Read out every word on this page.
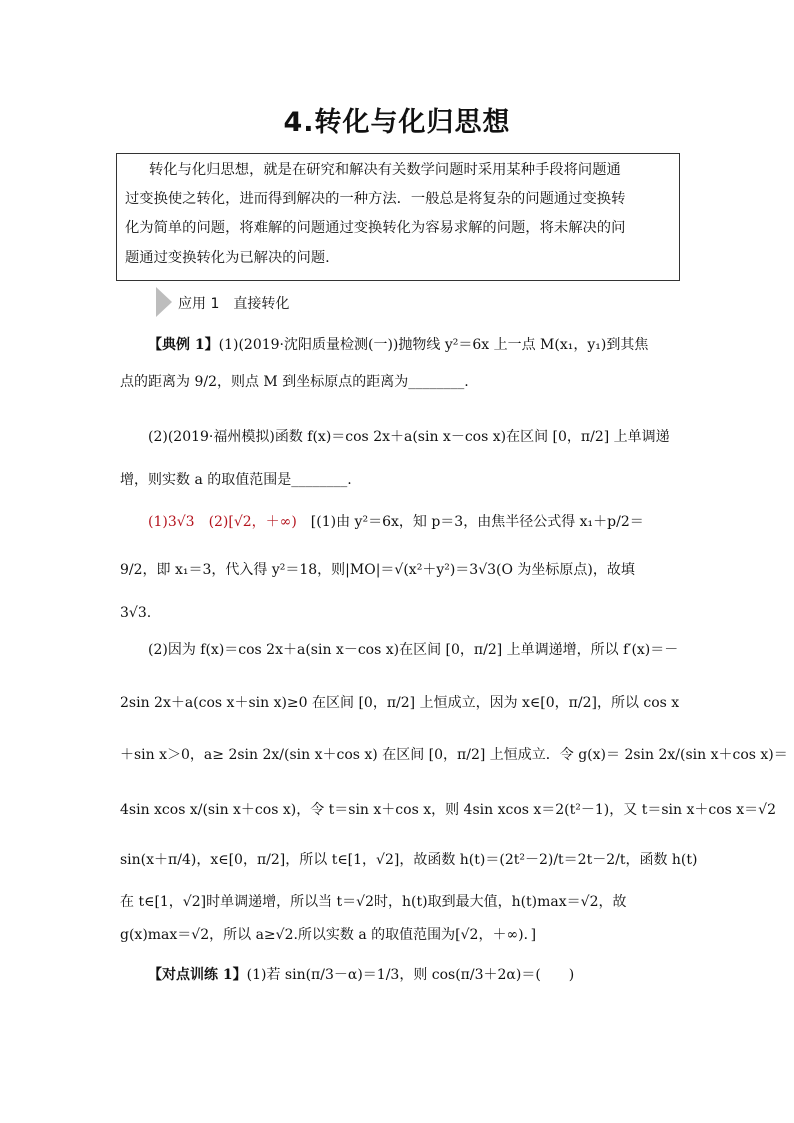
4.转化与化归思想
转化与化归思想，就是在研究和解决有关数学问题时采用某种手段将问题通
过变换使之转化，进而得到解决的一种方法．一般总是将复杂的问题通过变换转
化为简单的问题，将难解的问题通过变换转化为容易求解的问题，将未解决的问
题通过变换转化为已解决的问题.
应用 1　直接转化
【典例 1】(1)(2019·沈阳质量检测(一))抛物线 y²＝6x 上一点 M(x₁，y₁)到其焦
点的距离为 9/2，则点 M 到坐标原点的距离为________.
(2)(2019·福州模拟)函数 f(x)＝cos 2x＋a(sin x－cos x)在区间 [0，π/2] 上单调递
增，则实数 a 的取值范围是________.
(1)3√3　(2)[√2，＋∞)　[(1)由 y²＝6x，知 p＝3，由焦半径公式得 x₁＋p/2＝
9/2，即 x₁＝3，代入得 y²＝18，则|MO|＝√(x²＋y²)＝3√3(O 为坐标原点)，故填
3√3.
(2)因为 f(x)＝cos 2x＋a(sin x－cos x)在区间 [0，π/2] 上单调递增，所以 f′(x)＝－
2sin 2x＋a(cos x＋sin x)≥0 在区间 [0，π/2] 上恒成立，因为 x∈[0，π/2]，所以 cos x
＋sin x＞0，a≥ 2sin 2x/(sin x＋cos x) 在区间 [0，π/2] 上恒成立．令 g(x)＝ 2sin 2x/(sin x＋cos x)＝
4sin xcos x/(sin x＋cos x)，令 t＝sin x＋cos x，则 4sin xcos x＝2(t²－1)，又 t＝sin x＋cos x＝√2
sin(x＋π/4)，x∈[0，π/2]，所以 t∈[1，√2]，故函数 h(t)＝(2t²－2)/t＝2t－2/t，函数 h(t)
在 t∈[1，√2]时单调递增，所以当 t＝√2时，h(t)取到最大值，h(t)max＝√2，故
g(x)max＝√2，所以 a≥√2.所以实数 a 的取值范围为[√2，＋∞)．]
【对点训练 1】(1)若 sin(π/3－α)＝1/3，则 cos(π/3＋2α)＝(　　)
